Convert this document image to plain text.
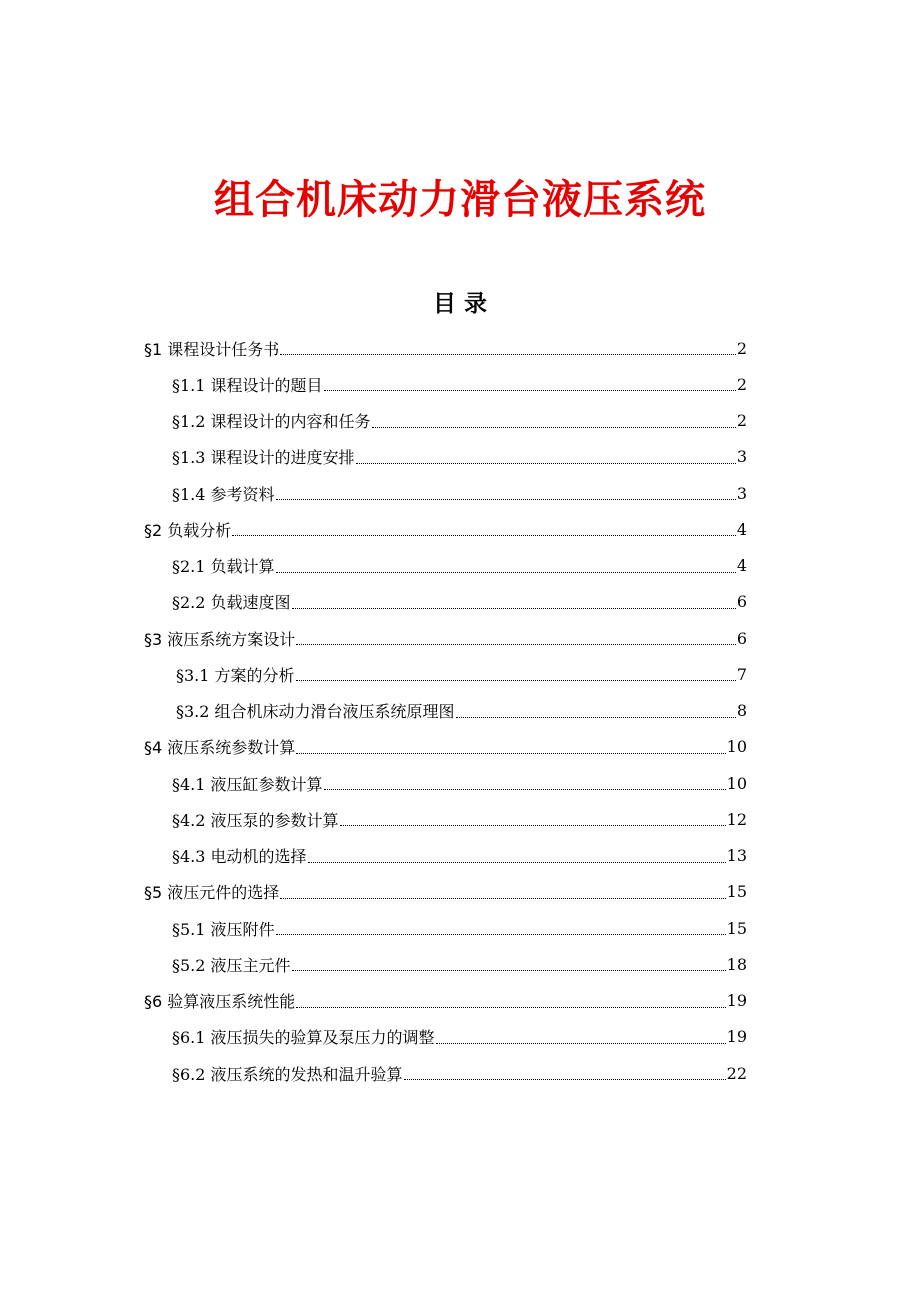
组合机床动力滑台液压系统
目 录
§1 课程设计任务书	2
§1.1 课程设计的题目	2
§1.2 课程设计的内容和任务	2
§1.3 课程设计的进度安排	3
§1.4 参考资料	3
§2 负载分析	4
§2.1 负载计算	4
§2.2 负载速度图	6
§3 液压系统方案设计	6
§3.1 方案的分析	7
§3.2 组合机床动力滑台液压系统原理图	8
§4 液压系统参数计算	10
§4.1 液压缸参数计算	10
§4.2 液压泵的参数计算	12
§4.3 电动机的选择	13
§5 液压元件的选择	15
§5.1 液压附件	15
§5.2 液压主元件	18
§6 验算液压系统性能	19
§6.1 液压损失的验算及泵压力的调整	19
§6.2 液压系统的发热和温升验算	22
